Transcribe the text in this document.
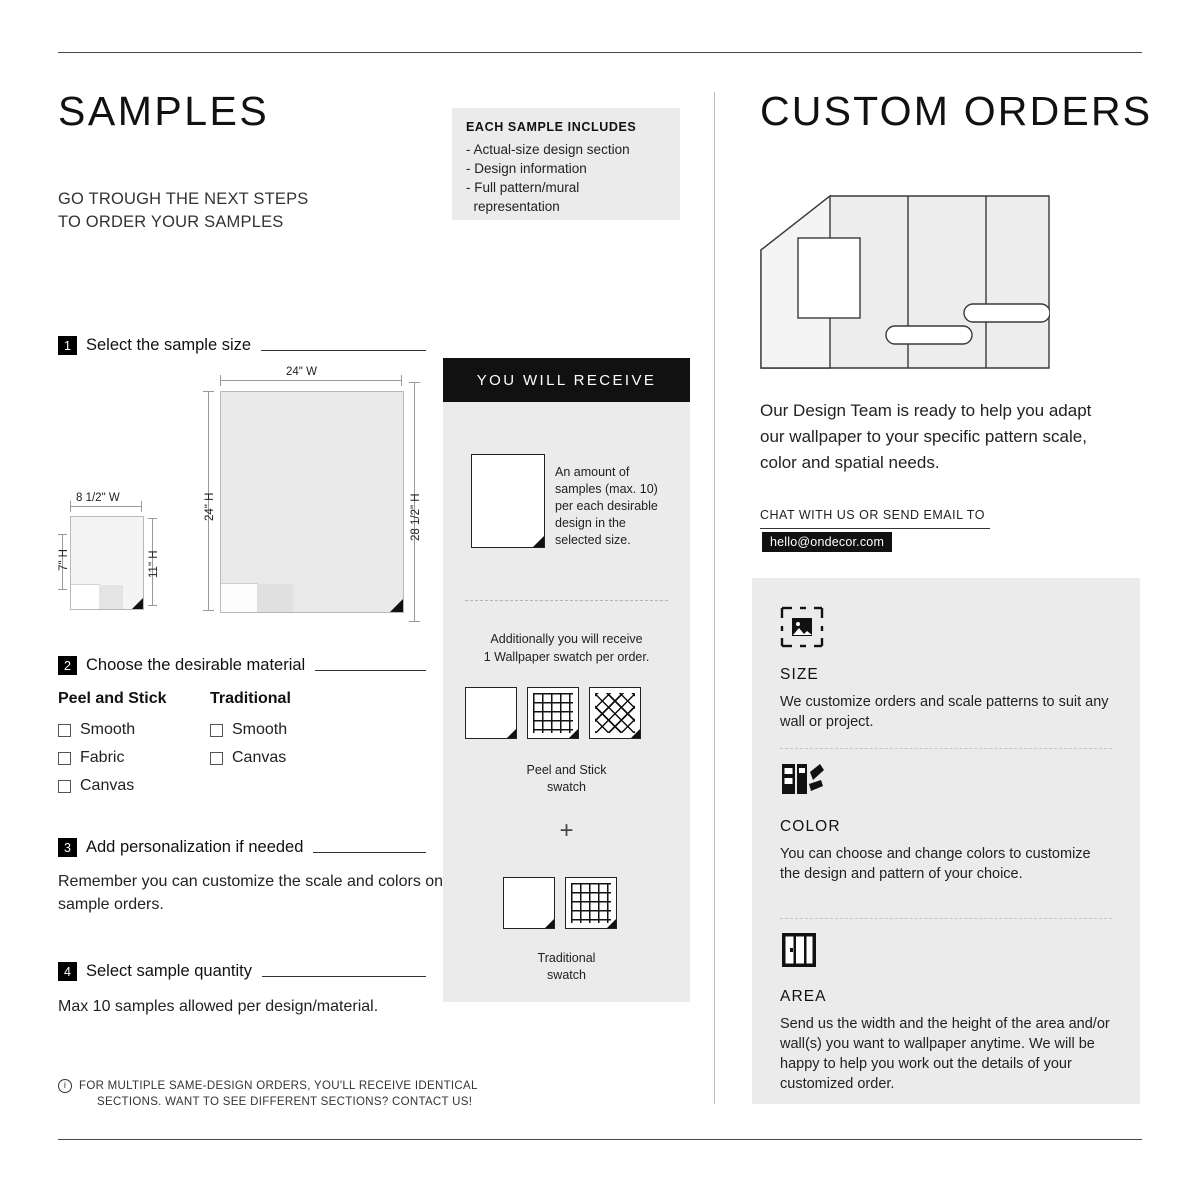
SAMPLES
GO TROUGH THE NEXT STEPS
TO ORDER YOUR SAMPLES
EACH SAMPLE INCLUDES
- Actual-size design section
- Design information
- Full pattern/mural
representation
1 Select the sample size
24" W
24" H	28 1/2" H
8 1/2" W
7" H	11" H
2 Choose the desirable material
Peel and Stick
Smooth
Fabric
Canvas
Traditional
Smooth
Canvas
3 Add personalization if needed
Remember you can customize the scale and colors on sample orders.
4 Select sample quantity
Max 10 samples allowed per design/material.
i	FOR MULTIPLE SAME-DESIGN ORDERS, YOU'LL RECEIVE IDENTICAL
SECTIONS. WANT TO SEE DIFFERENT SECTIONS? CONTACT US!
YOU WILL RECEIVE
An amount of samples (max. 10) per each desirable design in the selected size.
Additionally you will receive
1 Wallpaper swatch per order.
Peel and Stick
swatch
+
Traditional
swatch
CUSTOM ORDERS
Our Design Team is ready to help you adapt our wallpaper to your specific pattern scale, color and spatial needs.
CHAT WITH US OR SEND EMAIL TO
hello@ondecor.com
SIZE
We customize orders and scale patterns to suit any wall or project.
COLOR
You can choose and change colors to customize the design and pattern of your choice.
AREA
Send us the width and the height of the area and/or wall(s) you want to wallpaper anytime. We will be happy to help you work out the details of your customized order.
